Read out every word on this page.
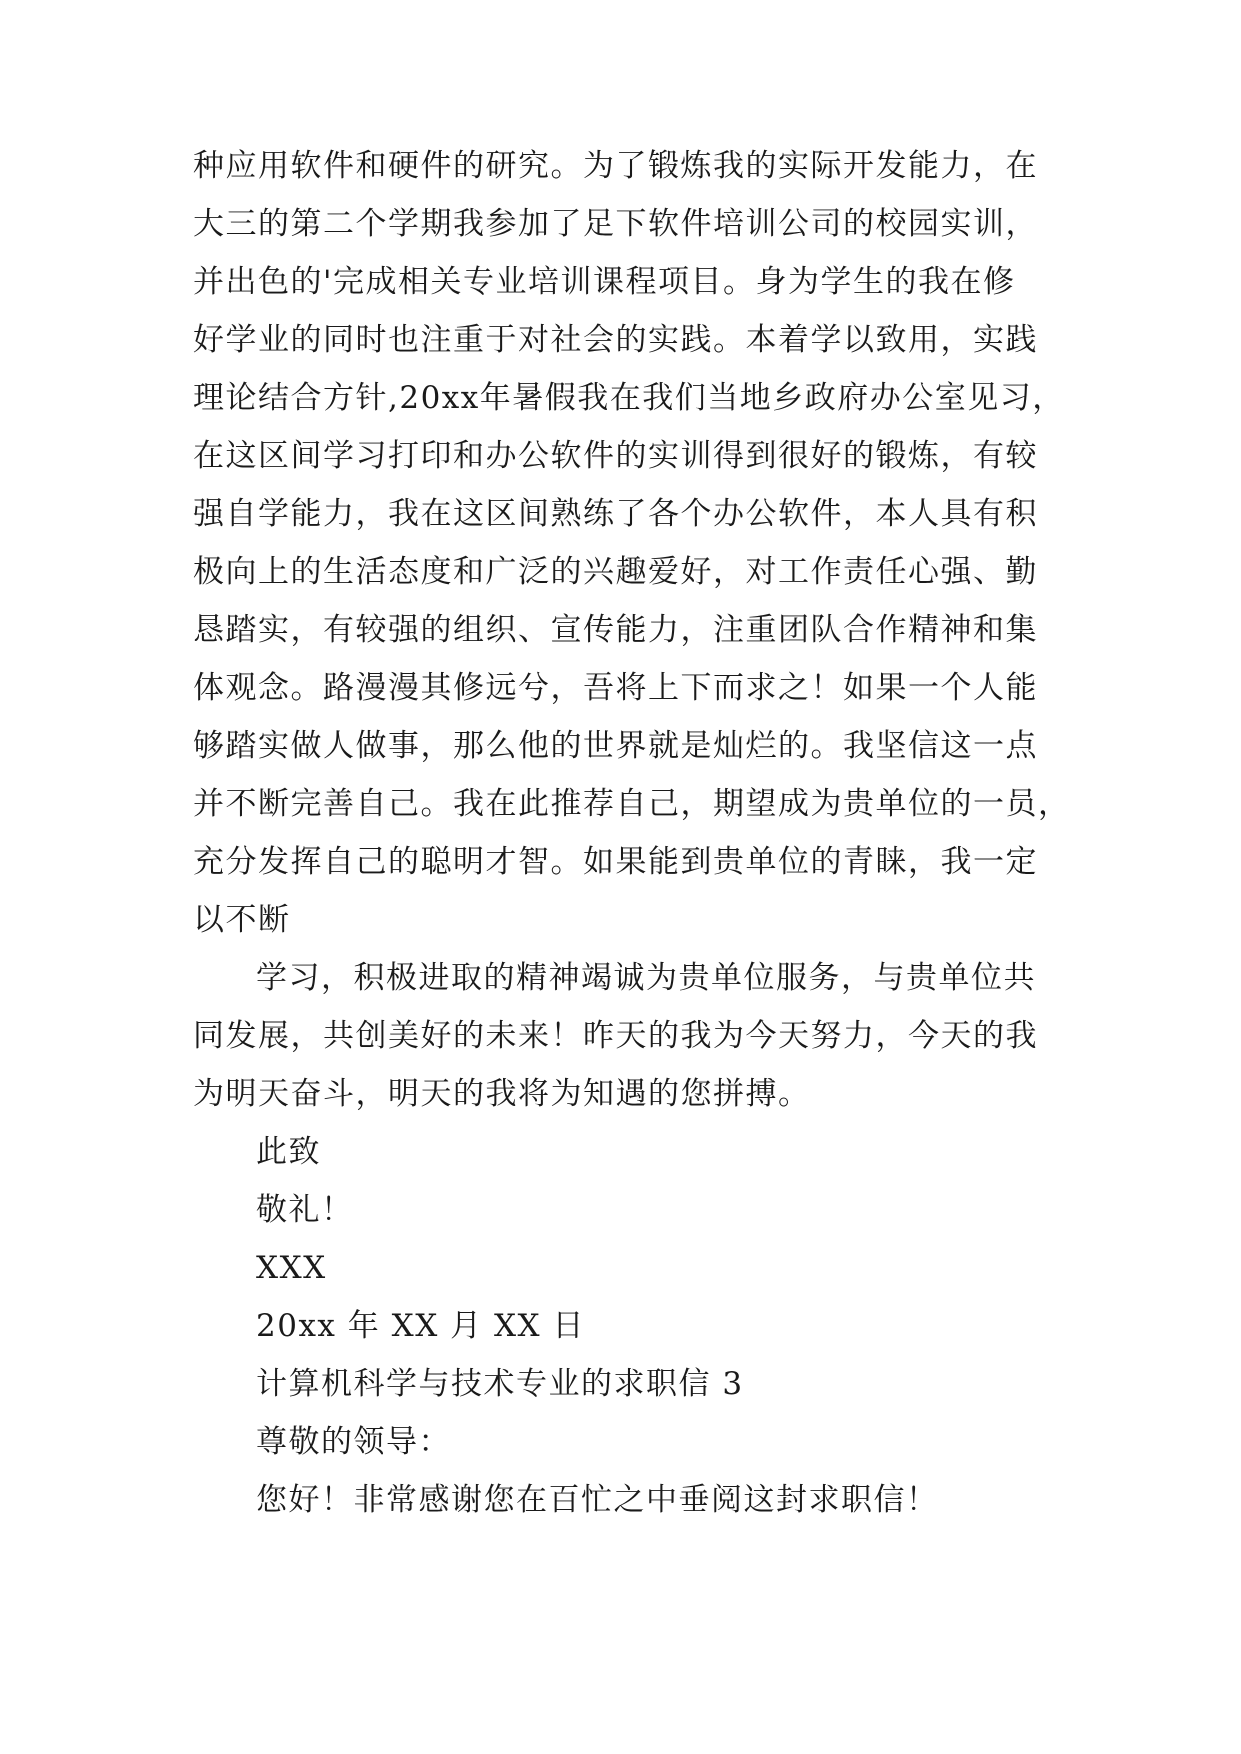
种应用软件和硬件的研究。为了锻炼我的实际开发能力，在
大三的第二个学期我参加了足下软件培训公司的校园实训，
并出色的'完成相关专业培训课程项目。身为学生的我在修
好学业的同时也注重于对社会的实践。本着学以致用，实践
理论结合方针,20xx年暑假我在我们当地乡政府办公室见习，
在这区间学习打印和办公软件的实训得到很好的锻炼，有较
强自学能力，我在这区间熟练了各个办公软件，本人具有积
极向上的生活态度和广泛的兴趣爱好，对工作责任心强、勤
恳踏实，有较强的组织、宣传能力，注重团队合作精神和集
体观念。路漫漫其修远兮，吾将上下而求之！如果一个人能
够踏实做人做事，那么他的世界就是灿烂的。我坚信这一点
并不断完善自己。我在此推荐自己，期望成为贵单位的一员，
充分发挥自己的聪明才智。如果能到贵单位的青睐，我一定
以不断
学习，积极进取的精神竭诚为贵单位服务，与贵单位共
同发展，共创美好的未来！昨天的我为今天努力，今天的我
为明天奋斗，明天的我将为知遇的您拼搏。
此致
敬礼！
XXX
20xx 年 XX 月 XX 日
计算机科学与技术专业的求职信 3
尊敬的领导：
您好！非常感谢您在百忙之中垂阅这封求职信！
